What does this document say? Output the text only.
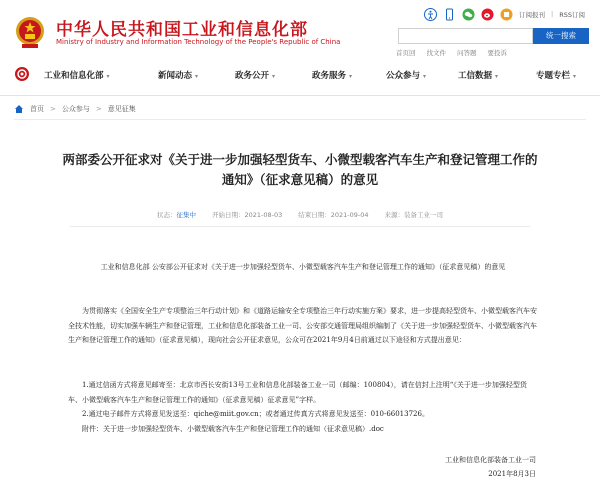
中华人民共和国工业和信息化部
Ministry of Industry and Information Technology of the People's Republic of China
订阅报刊 | RSS订阅
统一搜索
首页回 找文件 问答题 要投诉
工业和信息化部 ▾	新闻动态 ▾	政务公开 ▾	政务服务 ▾	公众参与 ▾	工信数据 ▾	专题专栏 ▾
首页 > 公众参与 > 意见征集
两部委公开征求对《关于进一步加强轻型货车、小微型载客汽车生产和登记管理工作的通知》（征求意见稿）的意见
状态：征集中 开始日期：2021-08-03 结束日期：2021-09-04 来源：装备工业一司
工业和信息化部 公安部公开征求对《关于进一步加强轻型货车、小微型载客汽车生产和登记管理工作的通知》（征求意见稿）的意见
为贯彻落实《全国安全生产专项整治三年行动计划》和《道路运输安全专项整治三年行动实施方案》要求，进一步提高轻型货车、小微型载客汽车安全技术性能，切实加强车辆生产和登记管理，工业和信息化部装备工业一司、公安部交通管理局组织编制了《关于进一步加强轻型货车、小微型载客汽车生产和登记管理工作的通知》（征求意见稿），现向社会公开征求意见，公众可在2021年9月4日前通过以下途径和方式提出意见：
1.通过信函方式将意见邮寄至：北京市西长安街13号工业和信息化部装备工业一司（邮编：100804），请在信封上注明“《关于进一步加强轻型货车、小微型载客汽车生产和登记管理工作的通知》（征求意见稿）征求意见”字样。
2.通过电子邮件方式将意见发送至：qiche@miit.gov.cn；或者通过传真方式将意见发送至：010-66013726。
附件：关于进一步加强轻型货车、小微型载客汽车生产和登记管理工作的通知（征求意见稿）.doc
工业和信息化部装备工业一司
2021年8月3日
